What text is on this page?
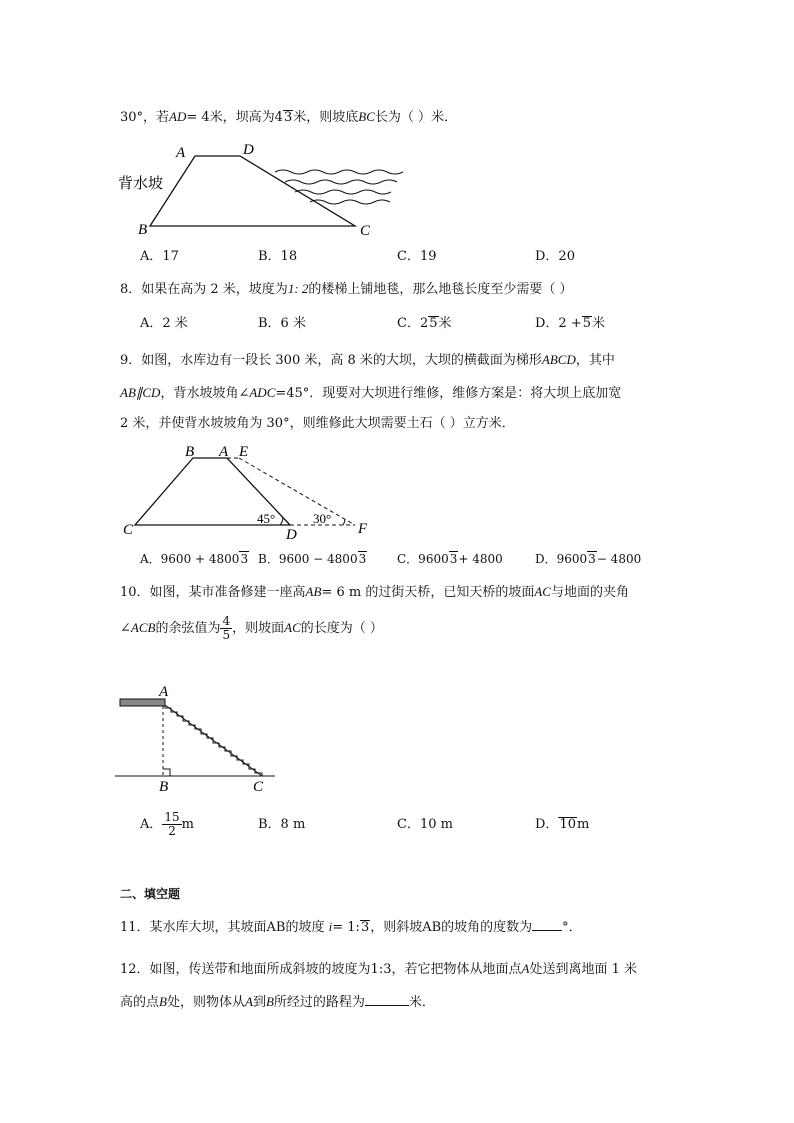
30°，若AD= 4米，坝高为43米，则坡底BC长为（ ）米．
A	D
B	C
背水坡
A．17	B．18	C．19	D．20
8．如果在高为 2 米，坡度为1: 2的楼梯上铺地毯，那么地毯长度至少需要（ ）
A．2 米	B．6 米	C．25米	D．2 +5米
9．如图，水库边有一段长 300 米，高 8 米的大坝，大坝的横截面为梯形ABCD，其中
AB∥CD，背水坡坡角∠ADC=45°．现要对大坝进行维修，维修方案是：将大坝上底加宽
2 米，并使背水坡坡角为 30°，则维修此大坝需要土石（ ）立方米．
B A E
C	D	F
45°	30°
A．9600 + 48003 B．9600 − 48003	C．96003+ 4800	D．96003− 4800
10．如图，某市准备修建一座高AB= 6 m 的过街天桥，已知天桥的坡面AC与地面的夹角
∠ACB的余弦值为 $\frac{4}{5}$ ，则坡面AC的长度为（ ）
A
B	C
A． $\frac{15}{2}$ m	B．8 m	C．10 m	D．10m
二、填空题
11．某水库大坝，其坡面AB的坡度 i= 1:3，则斜坡AB的坡角的度数为 °．
12．如图，传送带和地面所成斜坡的坡度为1:3，若它把物体从地面点A处送到离地面 1 米
高的点B处，则物体从A到B所经过的路程为	米．
